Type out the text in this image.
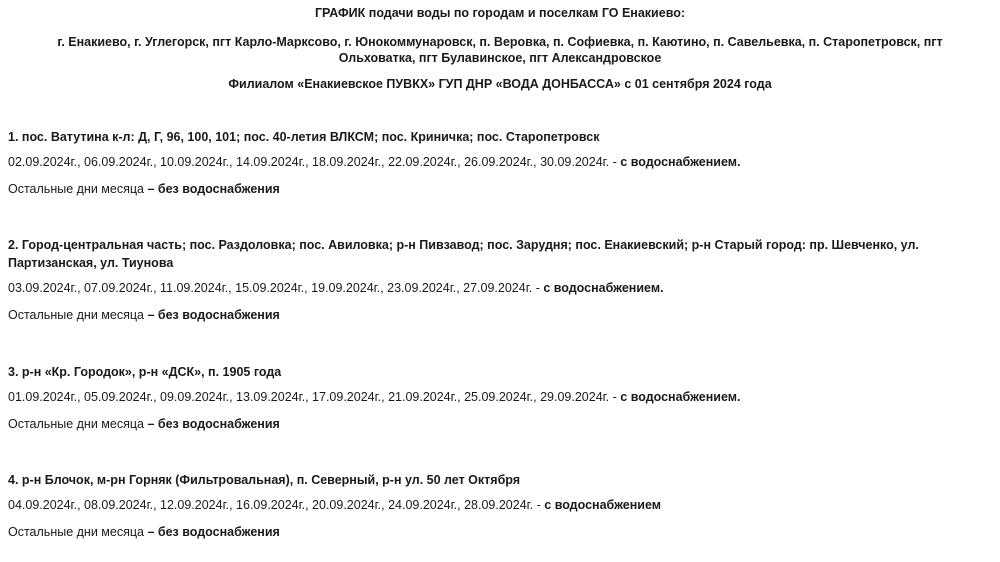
ГРАФИК подачи воды по городам и поселкам ГО Енакиево:
г. Енакиево, г. Углегорск, пгт Карло-Марксово, г. Юнокоммунаровск, п. Веровка, п. Софиевка, п. Каютино, п. Савельевка, п. Старопетровск, пгт
Ольховатка, пгт Булавинское, пгт Александровское
Филиалом «Енакиевское ПУВКХ» ГУП ДНР «ВОДА ДОНБАССА» с 01 сентября 2024 года

1. пос. Ватутина к-л: Д, Г, 96, 100, 101; пос. 40-летия ВЛКСМ; пос. Криничка; пос. Старопетровск

02.09.2024г., 06.09.2024г., 10.09.2024г., 14.09.2024г., 18.09.2024г., 22.09.2024г., 26.09.2024г., 30.09.2024г. - с водоснабжением.
Остальные дни месяца – без водоснабжения

2. Город-центральная часть; пос. Раздоловка; пос. Авиловка; р-н Пивзавод; пос. Зарудня; пос. Енакиевский; р-н Старый город: пр. Шевченко, ул. Партизанская, ул. Тиунова

03.09.2024г., 07.09.2024г., 11.09.2024г., 15.09.2024г., 19.09.2024г., 23.09.2024г., 27.09.2024г. - с водоснабжением.
Остальные дни месяца – без водоснабжения

3. р-н «Кр. Городок», р-н «ДСК», п. 1905 года

01.09.2024г., 05.09.2024г., 09.09.2024г., 13.09.2024г., 17.09.2024г., 21.09.2024г., 25.09.2024г., 29.09.2024г. - с водоснабжением.
Остальные дни месяца – без водоснабжения

4. р-н Блочок, м-рн Горняк (Фильтровальная), п. Северный, р-н ул. 50 лет Октября

04.09.2024г., 08.09.2024г., 12.09.2024г., 16.09.2024г., 20.09.2024г., 24.09.2024г., 28.09.2024г. - с водоснабжением
Остальные дни месяца – без водоснабжения
